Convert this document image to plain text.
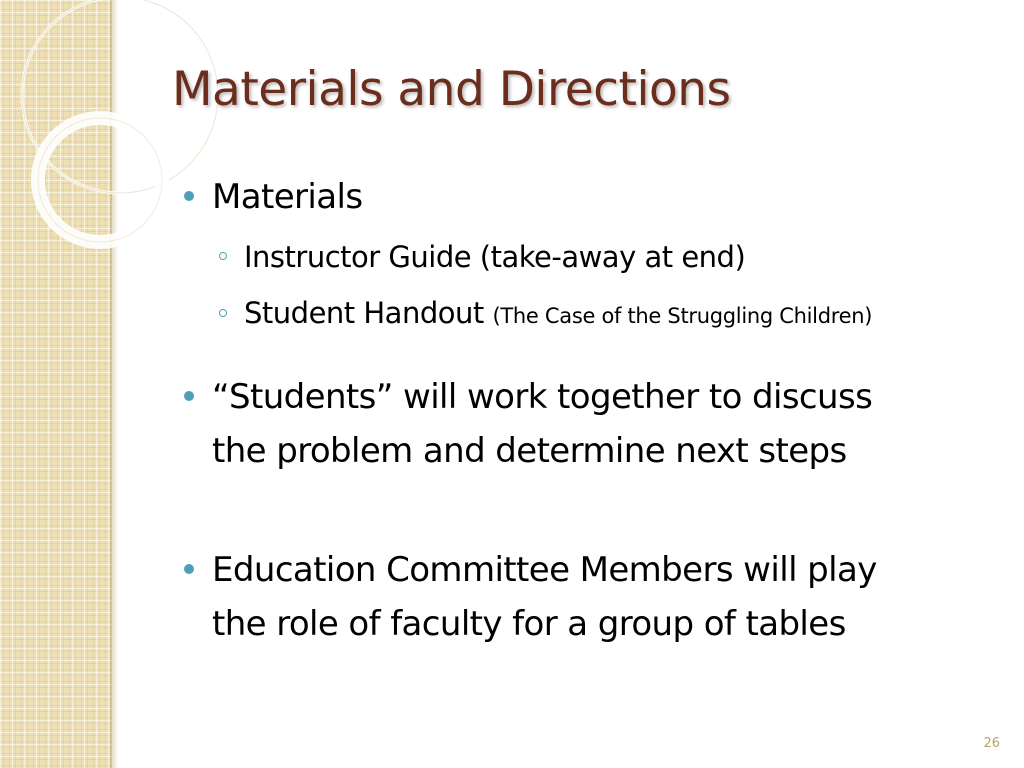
Materials and Directions
Materials
Instructor Guide (take-away at end)
Student Handout (The Case of the Struggling Children)
“Students” will work together to discuss
the problem and determine next steps
Education Committee Members will play
the role of faculty for a group of tables
26
